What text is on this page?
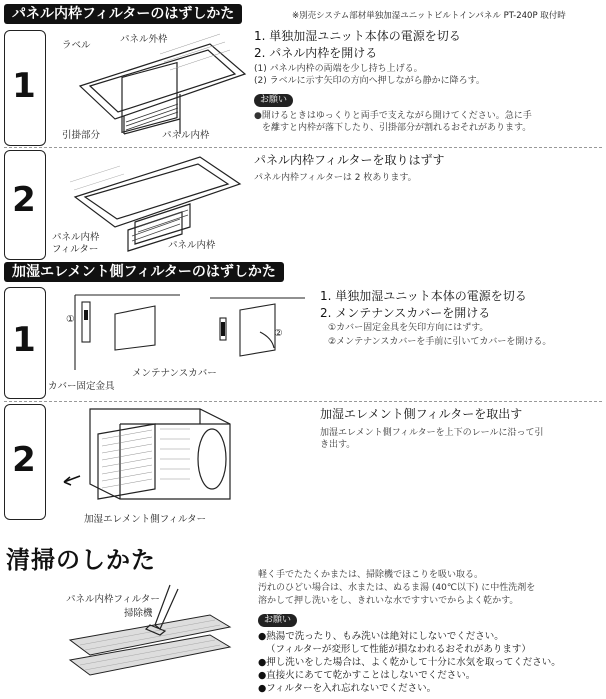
パネル内枠フィルターのはずしかた	※別売システム部材単独加湿ユニットビルトインパネル PT-240P 取付時
1
ラベル
パネル外枠
引掛部分	パネル内枠
1. 単独加湿ユニット本体の電源を切る
2. パネル内枠を開ける
(1) パネル内枠の両端を少し持ち上げる。
(2) ラベルに示す矢印の方向へ押しながら静かに降ろす。
お願い
●開けるときはゆっくりと両手で支えながら開けてください。急に手
を離すと内枠が落下したり、引掛部分が割れるおそれがあります。
2
パネル内枠
フィルター	パネル内枠
パネル内枠フィルターを取りはずす
パネル内枠フィルターは 2 枚あります。
加湿エレメント側フィルターのはずしかた
1
①
②
メンテナンスカバー
カバー固定金具
1. 単独加湿ユニット本体の電源を切る
2. メンテナンスカバーを開ける
①カバー固定金具を矢印方向にはずす。
②メンテナンスカバーを手前に引いてカバーを開ける。
2
加湿エレメント側フィルター
加湿エレメント側フィルターを取出す
加湿エレメント側フィルターを上下のレールに沿って引
き出す。
清掃のしかた
パネル内枠フィルター
掃除機
軽く手でたたくかまたは、掃除機でほこりを吸い取る。
汚れのひどい場合は、水または、ぬるま湯 (40℃以下) に中性洗剤を
溶かして押し洗いをし、きれいな水ですすいでからよく乾かす。
お願い
●熱湯で洗ったり、もみ洗いは絶対にしないでください。
（フィルターが変形して性能が損なわれるおそれがあります）
●押し洗いをした場合は、よく乾かして十分に水気を取ってください。
●直接火にあてて乾かすことはしないでください。
●フィルターを入れ忘れないでください。
